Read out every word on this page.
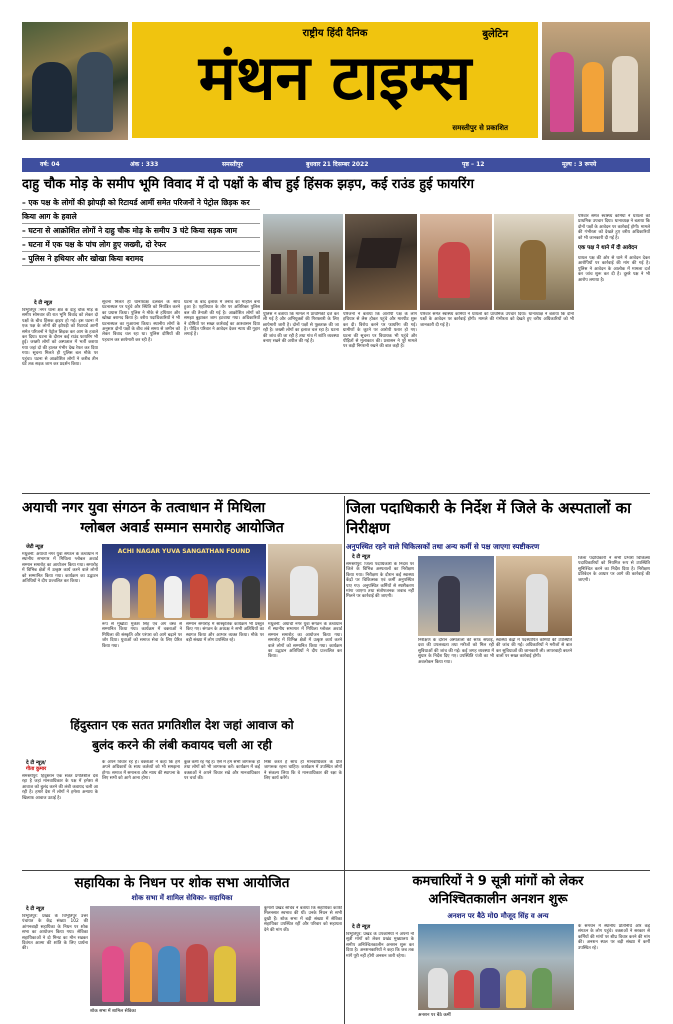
राष्ट्रीय हिंदी दैनिक	बुलेटिन
मंथन टाइम्स
समस्तीपुर से प्रकाशित
वर्ष: 04	अंक : 333	समस्तीपुर	बुधवार 21 दिसम्बर 2022	पृष्ठ – 12	मूल्य : 3 रूपये
दाहु चौक मोड़ के समीप भूमि विवाद में दो पक्षों के बीच हुई हिंसक झड़प, कई राउंड हुई फायरिंग
– एक पक्ष के लोगों की झोपड़ी को रिटायर्ड आर्मी समेत परिजनों ने पेट्रोल छिड़क कर
किया आग के हवाले
– घटना से आक्रोशित लोगों ने दाहु चौक मोड़ के समीप 3 घंटे किया सड़क जाम
– घटना में एक पक्ष के पांच लोग हुए जख्मी, दो रेफर
– पुलिस ने हथियार और खोखा किया बरामद
दे टी न्यूज़
विभूतिपुर :नगर थाना क्षेत्र के दाहु चौक मोड़ के समीप सोमवार की रात भूमि विवाद को लेकर दो पक्षों के बीच हिंसक झड़प हो गई। इस घटना में एक पक्ष के लोगों की झोपड़ी को रिटायर्ड आर्मी समेत परिजनों ने पेट्रोल छिड़क कर आग के हवाले कर दिया। घटना के दौरान कई राउंड फायरिंग भी हुई। जख्मी लोगों को अस्पताल में भर्ती कराया गया जहां दो की हालत गंभीर देख रेफर कर दिया गया। सूचना मिलते ही पुलिस बल मौके पर पहुंचा। घटना से आक्रोशित लोगों ने करीब तीन घंटे तक सड़क जाम कर प्रदर्शन किया।
सूचना मिलते ही थानाध्यक्ष दलबल के साथ घटनास्थल पर पहुंचे और स्थिति को नियंत्रित करने का प्रयास किया। पुलिस ने मौके से हथियार और खोखा बरामद किया है। वरीय पदाधिकारियों ने भी घटनास्थल का मुआयना किया। स्थानीय लोगों के अनुसार दोनों पक्षों के बीच लंबे समय से जमीन को लेकर विवाद चल रहा था। पुलिस दोषियों की पहचान कर छापेमारी कर रही है।
घटना के बाद इलाके में तनाव का माहौल बना हुआ है। एहतियात के तौर पर अतिरिक्त पुलिस बल की तैनाती की गई है। आक्रोशित लोगों को समझा बुझाकर जाम हटवाया गया। अधिकारियों ने दोषियों पर सख्त कार्रवाई का आश्वासन दिया है। पीड़ित परिवार ने आवेदन देकर न्याय की गुहार लगाई है।
पुलिस ने बताया कि मामले में प्राथमिकी दर्ज कर ली गई है और अभियुक्तों की गिरफ्तारी के लिए छापेमारी जारी है। दोनों पक्षों से पूछताछ की जा रही है। जख्मी लोगों का इलाज चल रहा है। घटना की जांच की जा रही है तथा गांव में शांति व्यवस्था बनाए रखने की अपील की गई है।
परिजनों ने बताया कि आरोपी पक्ष के लोग हथियार से लैस होकर पहुंचे और मारपीट शुरू कर दी। विरोध करने पर फायरिंग की गई। ग्रामीणों के जुटने पर आरोपी फरार हो गए। घटना की सूचना पर विधायक भी पहुंचे और पीड़ितों से मुलाकात की। प्रशासन ने पूरे मामले पर कड़ी निगरानी रखने की बात कही है।
परिवार समेत स्वास्थ्य कर्मियों ने घायलों को प्राथमिक उपचार दिया। थानाध्यक्ष ने बताया कि दोनों पक्षों के आवेदन पर कार्रवाई होगी। मामले की गंभीरता को देखते हुए वरीय अधिकारियों को भी जानकारी दी गई है।
परिवार समेत स्वास्थ्य कर्मियों ने घायलों को प्राथमिक उपचार दिया। थानाध्यक्ष ने बताया कि दोनों पक्षों के आवेदन पर कार्रवाई होगी। मामले की गंभीरता को देखते हुए वरीय अधिकारियों को भी जानकारी दी गई है।
एक पक्ष ने थाने में दी आवेदन
घायल पक्ष की ओर से थाने में आवेदन देकर आरोपियों पर कार्रवाई की मांग की गई है। पुलिस ने आवेदन के आलोक में मामला दर्ज कर जांच शुरू कर दी है। दूसरे पक्ष ने भी आरोप लगाया है।
अयाची नगर युवा संगठन के तत्वाधान में मिथिला
ग्लोबल अवार्ड सम्मान समारोह आयोजित
जेटी न्यूज़
मधुबनी: अयाची नगर युवा संगठन के तत्वाधान में स्थानीय सभागार में मिथिला ग्लोबल अवार्ड सम्मान समारोह का आयोजन किया गया। समारोह में विभिन्न क्षेत्रों में उत्कृष्ट कार्य करने वाले लोगों को सम्मानित किया गया। कार्यक्रम का उद्घाटन अतिथियों ने दीप प्रज्वलित कर किया।
ACHI NAGAR YUVA SANGATHAN FOUND
रूप से मुखोटा मुकेश सिंह एवं अंग वस्त्र से सम्मानित किया गया। कार्यक्रम में वक्ताओं ने मिथिला की संस्कृति और परंपरा को आगे बढ़ाने पर जोर दिया। युवाओं को समाज सेवा के लिए प्रेरित किया गया।
सम्मान समारोह में सांस्कृतिक कार्यक्रम भी प्रस्तुत किए गए। संगठन के अध्यक्ष ने सभी अतिथियों का स्वागत किया और आभार व्यक्त किया। मौके पर बड़ी संख्या में लोग उपस्थित रहे।
मधुबनी: अयाची नगर युवा संगठन के तत्वाधान में स्थानीय सभागार में मिथिला ग्लोबल अवार्ड सम्मान समारोह का आयोजन किया गया। समारोह में विभिन्न क्षेत्रों में उत्कृष्ट कार्य करने वाले लोगों को सम्मानित किया गया। कार्यक्रम का उद्घाटन अतिथियों ने दीप प्रज्वलित कर किया।
जिला पदाधिकारी के निर्देश में जिले के अस्पतालों का निरीक्षण
अनुपस्थित रहने वाले चिकित्सकों तथा अन्य कर्मी से पक्ष जाएगा स्पष्टीकरण
दे टी न्यूज़
समस्तीपुर: जिला पदाधिकारी के निर्देश पर जिले के विभिन्न अस्पतालों का निरीक्षण किया गया। निरीक्षण के दौरान कई स्वास्थ्य केंद्रों पर चिकित्सक एवं कर्मी अनुपस्थित पाए गए। अनुपस्थित कर्मियों से स्पष्टीकरण मांगा जाएगा तथा संतोषजनक जवाब नहीं मिलने पर कार्रवाई की जाएगी।
निरीक्षण के दौरान अस्पतालों की साफ सफाई, दवा की उपलब्धता तथा मरीजों को मिल रही सुविधाओं की जांच की गई। कई जगह व्यवस्था में सुधार के निर्देश दिए गए। उपस्थिति पंजी का भी अवलोकन किया गया।
स्वास्थ्य केंद्रों में पदस्थापित कर्मियों की उपस्थिति की जांच की गई। अधिकारियों ने मरीजों से बात कर सुविधाओं की जानकारी ली। लापरवाही बरतने वालों पर सख्त कार्रवाई होगी।
जिला पदाधिकारी ने सभी प्रभारी चिकित्सा पदाधिकारियों को नियमित रूप से उपस्थिति सुनिश्चित करने का निर्देश दिया है। निरीक्षण प्रतिवेदन के आधार पर आगे की कार्रवाई की जाएगी।
हिंदुस्तान एक सतत प्रगतिशील देश जहां आवाज को
बुलंद करने की लंबी कवायद चली आ रही
दे टी न्यूज़/
गीता कुमार
समस्तीपुर: हिंदुस्तान एक सतत प्रगतिशील देश रहा है जहां मानवाधिकार के पक्ष में हमेशा से आवाज को बुलंद करने की लंबी कवायद चली आ रही है। हमारे देश में लोगों ने हमेशा अन्याय के खिलाफ आवाज उठाई है।
के अपने विचार रहे हैं। वक्ताओं ने कहा कि हमें अपने अधिकारों के साथ कर्तव्यों को भी समझना होगा। समाज में समानता और न्याय की स्थापना के लिए सभी को आगे आना होगा।
कुछ कमी रह गई है। ऐसे में हम सभी जागरूक हों तथा लोगों को भी जागरूक करें। कार्यक्रम में कई वक्ताओं ने अपने विचार रखे और मानवाधिकार पर चर्चा की।
निष्ठा करते हैं साथ ही मानवाधिकार के प्रति जागरूक रहना चाहिए। कार्यक्रम में उपस्थित लोगों ने संकल्प लिया कि वे मानवाधिकार की रक्षा के लिए कार्य करेंगे।
सहायिका के निधन पर शोक सभा आयोजित
शोक सभा में शामिल सेविका- सहायिका
दे टी न्यूज़
विभूतिपुर: प्रखंड के विभूतिपुर उत्तर पंचायत के केंद्र संख्या 102 की आंगनबाड़ी सहायिका के निधन पर शोक सभा का आयोजन किया गया। सेविका सहायिकाओं ने दो मिनट का मौन रखकर दिवंगत आत्मा की शांति के लिए प्रार्थना की।
शोक सभा में शामिल सेविका
कुमारी प्रखंड सचिव ने बताया कि सहायिका काफी मिलनसार स्वभाव की थीं। उनके निधन से सभी दुखी हैं। शोक सभा में बड़ी संख्या में सेविका सहायिका उपस्थित रहीं और परिवार को सहायता देने की मांग की।
कमचारियों ने 9 सूत्री मांगों को लेकर
अनिश्चितकालीन अनशन शुरू
अनशन पर बैठे मो0 मौजूद सिंह व अन्य
दे टी न्यूज़
विभूतिपुर: प्रखंड के उपकर्मियों ने अपनी नौ सूत्री मांगों को लेकर प्रखंड मुख्यालय के समीप अनिश्चितकालीन अनशन शुरू कर दिया है। अनशनकारियों ने कहा कि जब तक मांगें पूरी नहीं होंगी अनशन जारी रहेगा।
अनशन पर बैठे कर्मी
के समर्थन में स्थानीय प्रतिनिधि और कई संगठन के लोग पहुंचे। वक्ताओं ने सरकार से कर्मियों की मांगों पर शीघ्र विचार करने की मांग की। अनशन स्थल पर बड़ी संख्या में कर्मी उपस्थित रहे।
